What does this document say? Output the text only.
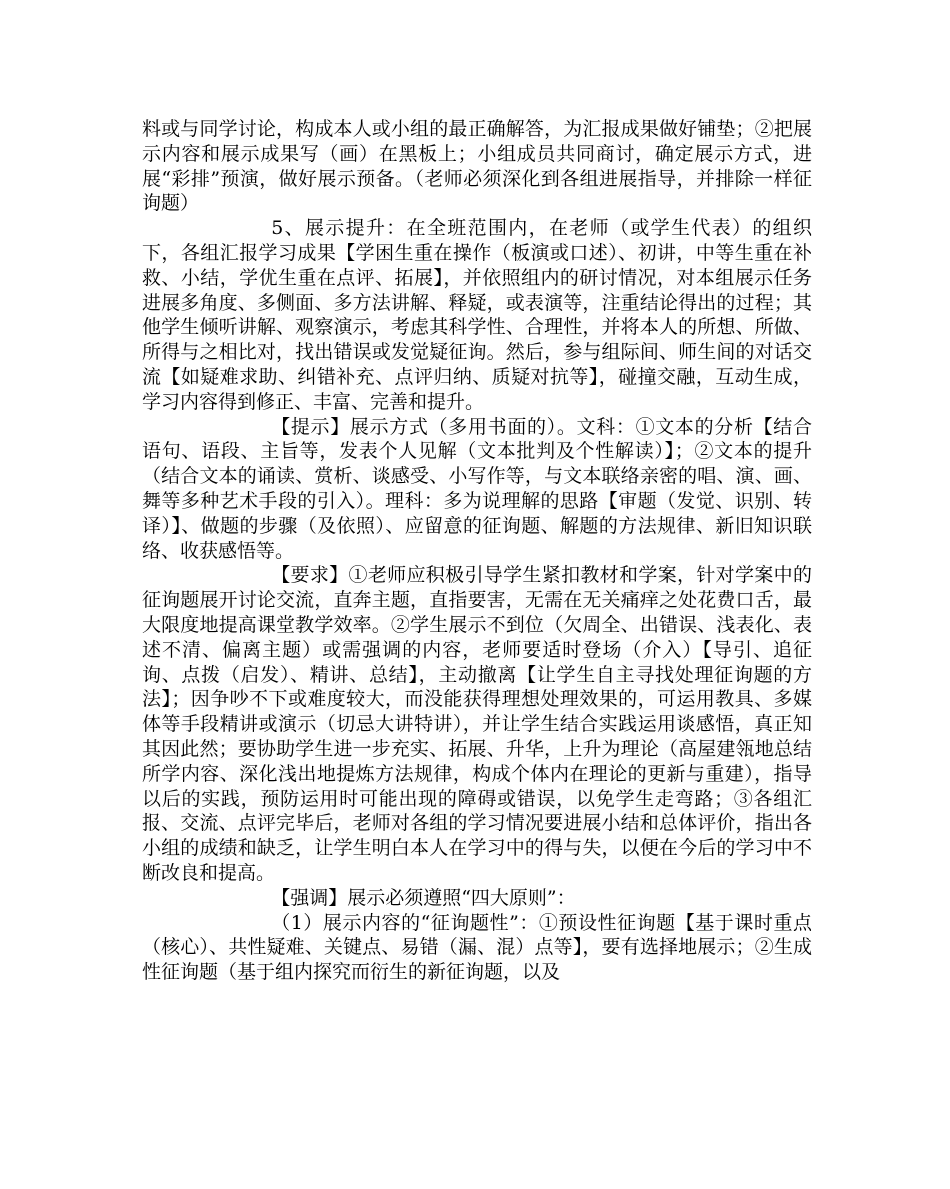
料或与同学讨论，构成本人或小组的最正确解答，为汇报成果做好铺垫；②把展示内容和展示成果写（画）在黑板上；小组成员共同商讨，确定展示方式，进展“彩排”预演，做好展示预备。（老师必须深化到各组进展指导，并排除一样征询题）

5、展示提升：在全班范围内，在老师（或学生代表）的组织下，各组汇报学习成果【学困生重在操作（板演或口述）、初讲，中等生重在补救、小结，学优生重在点评、拓展】，并依照组内的研讨情况，对本组展示任务进展多角度、多侧面、多方法讲解、释疑，或表演等，注重结论得出的过程；其他学生倾听讲解、观察演示，考虑其科学性、合理性，并将本人的所想、所做、所得与之相比对，找出错误或发觉疑征询。然后，参与组际间、师生间的对话交流【如疑难求助、纠错补充、点评归纳、质疑对抗等】，碰撞交融，互动生成，学习内容得到修正、丰富、完善和提升。

【提示】展示方式（多用书面的）。文科：①文本的分析【结合语句、语段、主旨等，发表个人见解（文本批判及个性解读）】；②文本的提升（结合文本的诵读、赏析、谈感受、小写作等，与文本联络亲密的唱、演、画、舞等多种艺术手段的引入）。理科：多为说理解的思路【审题（发觉、识别、转译）】、做题的步骤（及依照）、应留意的征询题、解题的方法规律、新旧知识联络、收获感悟等。

【要求】①老师应积极引导学生紧扣教材和学案，针对学案中的征询题展开讨论交流，直奔主题，直指要害，无需在无关痛痒之处花费口舌，最大限度地提高课堂教学效率。②学生展示不到位（欠周全、出错误、浅表化、表述不清、偏离主题）或需强调的内容，老师要适时登场（介入）【导引、追征询、点拨（启发）、精讲、总结】，主动撤离【让学生自主寻找处理征询题的方法】；因争吵不下或难度较大，而没能获得理想处理效果的，可运用教具、多媒体等手段精讲或演示（切忌大讲特讲），并让学生结合实践运用谈感悟，真正知其因此然；要协助学生进一步充实、拓展、升华，上升为理论（高屋建瓴地总结所学内容、深化浅出地提炼方法规律，构成个体内在理论的更新与重建），指导以后的实践，预防运用时可能出现的障碍或错误，以免学生走弯路；③各组汇报、交流、点评完毕后，老师对各组的学习情况要进展小结和总体评价，指出各小组的成绩和缺乏，让学生明白本人在学习中的得与失，以便在今后的学习中不断改良和提高。

【强调】展示必须遵照“四大原则”：

（1）展示内容的“征询题性”：①预设性征询题【基于课时重点（核心）、共性疑难、关键点、易错（漏、混）点等】，要有选择地展示；②生成性征询题（基于组内探究而衍生的新征询题，以及
